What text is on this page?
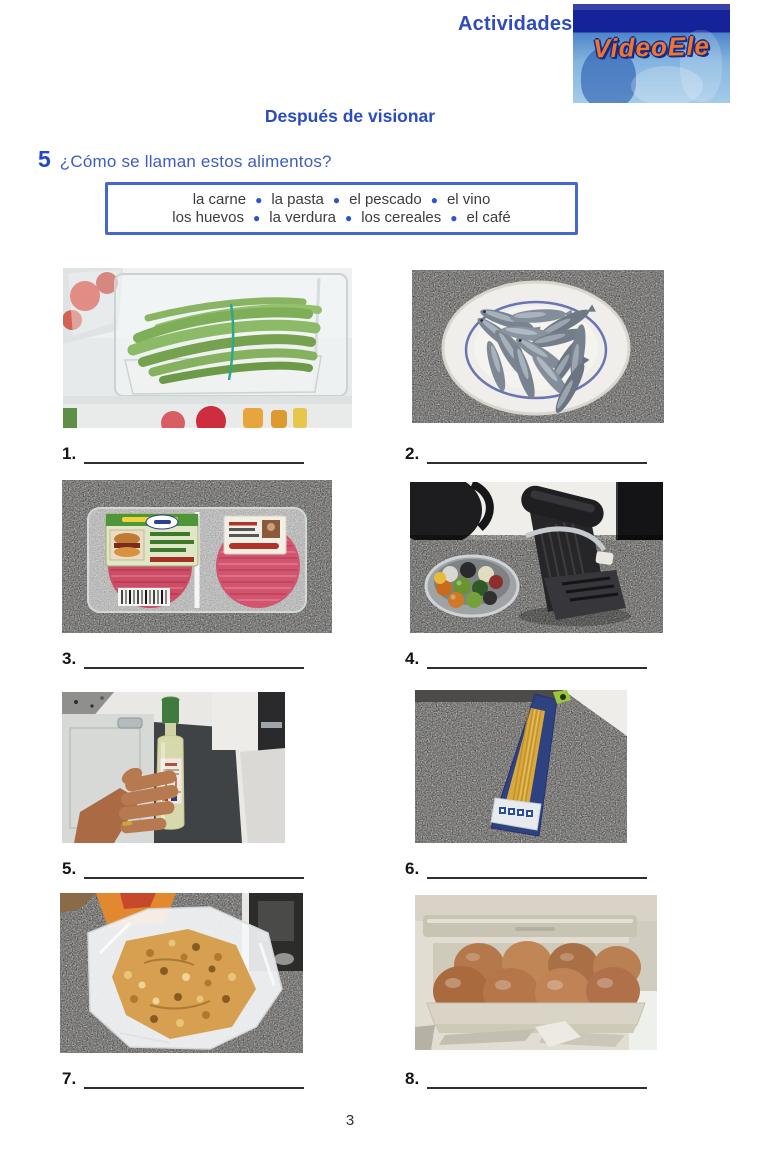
Actividades
VideoEle
Después de visionar
5 ¿Cómo se llaman estos alimentos?
la carne ● la pasta ● el pescado ● el vino
los huevos ● la verdura ● los cereales ● el café
1.	2.
3.	4.
5.	6.
7.	8.
3
